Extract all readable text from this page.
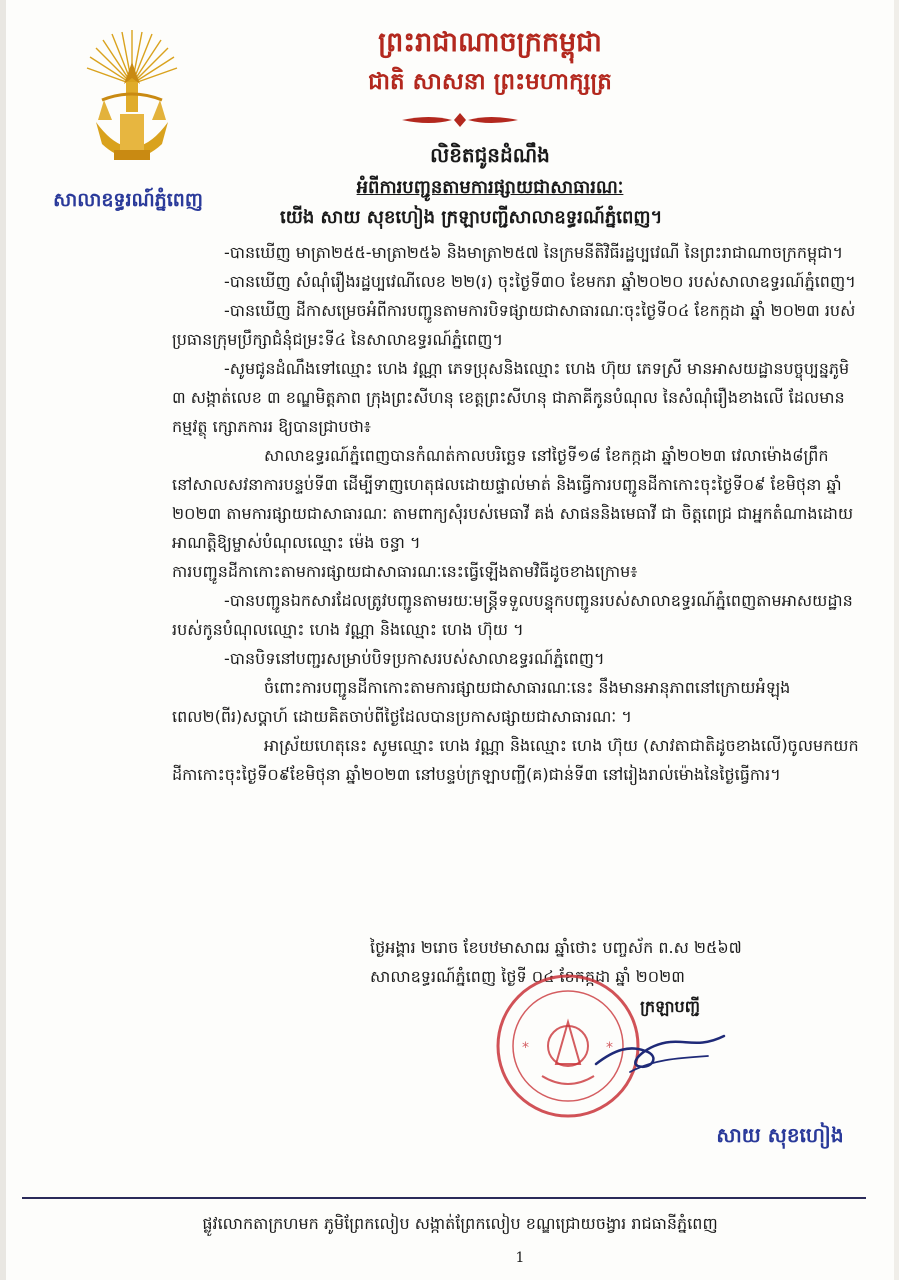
សាលាឧទ្ធរណ៍ភ្នំពេញ
ព្រះរាជាណាចក្រកម្ពុជា
ជាតិ សាសនា ព្រះមហាក្សត្រ
លិខិតជូនដំណឹង
អំពីការបញ្ជូនតាមការផ្សាយជាសាធារណៈ
យើង សាយ សុខហៀង ក្រឡាបញ្ជីសាលាឧទ្ធរណ៍ភ្នំពេញ។

-បានឃើញ មាត្រា២៥៥-មាត្រា២៥៦ និងមាត្រា២៥៧ នៃក្រមនីតិវិធីរដ្ឋប្បវេណី នៃព្រះរាជាណាចក្រកម្ពុជា។

-បានឃើញ សំណុំរឿងរដ្ឋប្បវេណីលេខ ២២(រ) ចុះថ្ងៃទី៣០ ខែមករា ឆ្នាំ២០២០ របស់សាលាឧទ្ធរណ៍ភ្នំពេញ។

-បានឃើញ ដីកាសម្រេចអំពីការបញ្ជូនតាមការបិទផ្សាយជាសាធារណៈចុះថ្ងៃទី០៤ ខែកក្កដា ឆ្នាំ ២០២៣ របស់ប្រធានក្រុមប្រឹក្សាជំនុំជម្រះទី៤ នៃសាលាឧទ្ធរណ៍ភ្នំពេញ។

-សូមជូនដំណឹងទៅឈ្មោះ ហេង វណ្ណា ភេទប្រុសនិងឈ្មោះ ហេង ហ៊ុយ ភេទស្រី មានអាសយដ្ឋានបច្ចុប្បន្នភូមិ ៣ សង្កាត់លេខ ៣ ខណ្ឌមិត្តភាព ក្រុងព្រះសីហនុ ខេត្តព្រះសីហនុ ជាភាគីកូនបំណុល នៃសំណុំរឿងខាងលើ ដែលមានកម្មវត្ថុ ក្សោភការរ ឱ្យបានជ្រាបថា៖

សាលាឧទ្ធរណ៍ភ្នំពេញបានកំណត់កាលបរិច្ឆេទ នៅថ្ងៃទី១៨ ខែកក្កដា ឆ្នាំ២០២៣ វេលាម៉ោង៨ព្រឹក នៅសាលសវនាការបន្ទប់ទី៣ ដើម្បីទាញហេតុផលដោយផ្ទាល់មាត់ និងធ្វើការបញ្ជូនដីកាកោះចុះថ្ងៃទី០៩ ខែមិថុនា ឆ្នាំ ២០២៣ តាមការផ្សាយជាសាធារណៈ តាមពាក្យសុំរបស់មេធាវី គង់ សាផននិងមេធាវី ជា ចិត្តពេជ្រ ជាអ្នកតំណាងដោយអាណត្តិឱ្យម្ចាស់បំណុលឈ្មោះ ម៉េង ចន្ធា ។

ការបញ្ជូនដីកាកោះតាមការផ្សាយជាសាធារណៈនេះធ្វើឡើងតាមវិធីដូចខាងក្រោម៖

-បានបញ្ជូនឯកសារដែលត្រូវបញ្ជូនតាមរយៈមន្ត្រីទទួលបន្ទុកបញ្ជូនរបស់សាលាឧទ្ធរណ៍ភ្នំពេញតាមអាសយដ្ឋានរបស់កូនបំណុលឈ្មោះ ហេង វណ្ណា និងឈ្មោះ ហេង ហ៊ុយ ។

-បានបិទនៅបញ្ជរសម្រាប់បិទប្រកាសរបស់សាលាឧទ្ធរណ៍ភ្នំពេញ។

ចំពោះការបញ្ជូនដីកាកោះតាមការផ្សាយជាសាធារណៈនេះ នឹងមានអានុភាពនៅក្រោយអំឡុងពេល២(ពីរ)សប្តាហ៍ ដោយគិតចាប់ពីថ្ងៃដែលបានប្រកាសផ្សាយជាសាធារណៈ ។

អាស្រ័យហេតុនេះ សូមឈ្មោះ ហេង វណ្ណា និងឈ្មោះ ហេង ហ៊ុយ (សាវតាជាតិដូចខាងលើ)ចូលមកយកដីកាកោះចុះថ្ងៃទី០៩ខែមិថុនា ឆ្នាំ២០២៣ នៅបន្ទប់ក្រឡាបញ្ជី(គ)ជាន់ទី៣ នៅរៀងរាល់ម៉ោងនៃថ្ងៃធ្វើការ។

ថ្ងៃអង្គារ ២រោច ខែបឋមាសាឍ ឆ្នាំថោះ បញ្ចស័ក ព.ស ២៥៦៧
សាលាឧទ្ធរណ៍ភ្នំពេញ ថ្ងៃទី ០៤ ខែកក្កដា ឆ្នាំ ២០២៣
*	*
ក្រឡាបញ្ជី
សាយ សុខហៀង
ផ្លូវលោកតាក្រហមក ភូមិព្រែកលៀប សង្កាត់ព្រែកលៀប ខណ្ឌជ្រោយចង្វារ រាជធានីភ្នំពេញ
1
